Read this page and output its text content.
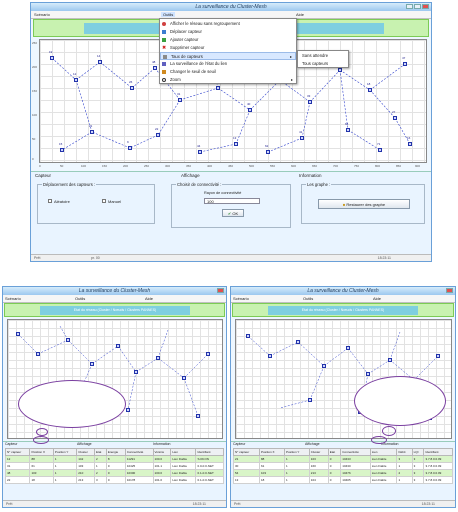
La surveillance du Cluster-Mesh
Scénario	Outils	Aide
19
12
14
26
48
31
22
9
21
15
40
33
18
47
27
16
41
62
13
44
64
71
0	50	100	150	200	250	300	350	400	450	500	550	600	650	700	750	800	850	900
250
200
150
100
50
0
Capteur	Affichage	Information
Déplacement des capteurs :
Aléatoire	Manuel
Choisir de connectivité :
Rayon de connectivité
100
✔ OK
Les graphe :
■ Restaurer des graphe
Prêt	pr. 00	18:23:11
Afficher le réseau sans regroupement
Déplacer capteur
Ajouter capteur
✖ Supprimer capteur
Taux de capteurs	▸
La surveillance de l'état du lien
Changer le seuil de seuil
Zoom	▸
Sans attendre
Tous capteurs
La surveillance du Cluster-Mesh
Scénario	Outils	Aide
Etat du réseau (Cluster / Nœuds / Clusters PANNES)
Capteur	Affichage	Information
N° capteur	Position X	Position Y	Cluster	Etat	Energie	Connectivité	Voisins	Lien	Identifiant
12	88	1	142	2	8	11291	100.0	Lien Fiable	S.09.ON
31	61	1	103	1	0	10425	101.1	Lien Fiable	0.0-0.0-NET
48	103	1	210	2	0	10300	100.0	Lien Fiable	0.1-0.0-NET
22	18	1	213	3	0	10178	101.0	Lien Fiable	0.1-0.0-NET
Prêt	18:23:11
La surveillance du Cluster-Mesh
Scénario	Outils	Aide
Etat du réseau (Cluster / Nœuds / Clusters PANNES)
Capteur	Affichage	Information
N° capteur	Position X	Position Y	Cluster	Etat	Connectivité	Lien	Débit	LQI	Identifiant
21	88	1	103	0	10433	Lien Fiable	3	3	3.7.8.0.0.09
30	61	1	160	0	10430	Lien Fiable	1	3	3.7.8.0.0.09
54	103	1	213	0	10476	Lien Fiable	2	3	3.7.8.0.0.09
13	18	1	104	0	10405	Lien Fiable	1	3	3.7.8.0.0.09
Prêt	18:23:11
